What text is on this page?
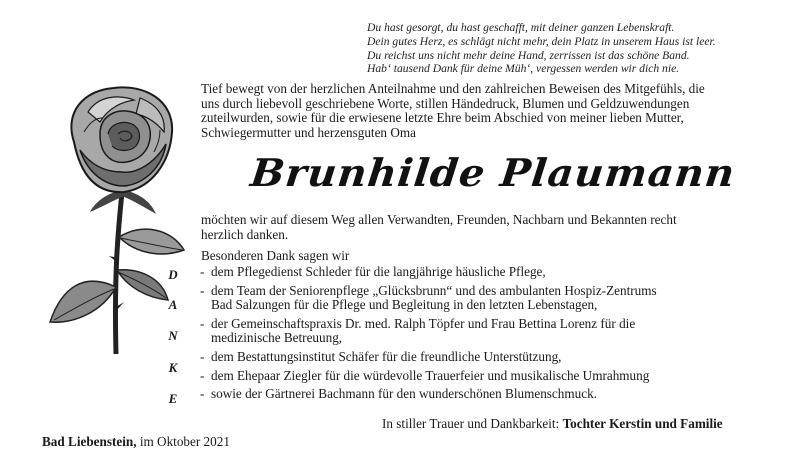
Du hast gesorgt, du hast geschafft, mit deiner ganzen Lebenskraft.
Dein gutes Herz, es schlägt nicht mehr, dein Platz in unserem Haus ist leer.
Du reichst uns nicht mehr deine Hand, zerrissen ist das schöne Band.
Hab‘ tausend Dank für deine Müh‘, vergessen werden wir dich nie.
Tief bewegt von der herzlichen Anteilnahme und den zahlreichen Beweisen des Mitgefühls, die
uns durch liebevoll geschriebene Worte, stillen Händedruck, Blumen und Geldzuwendungen
zuteilwurden, sowie für die erwiesene letzte Ehre beim Abschied von meiner lieben Mutter,
Schwiegermutter und herzensguten Oma
Brunhilde Plaumann
möchten wir auf diesem Weg allen Verwandten, Freunden, Nachbarn und Bekannten recht
herzlich danken.
Besonderen Dank sagen wir
D
A
N
K
E
- dem Pflegedienst Schleder für die langjährige häusliche Pflege,
- dem Team der Seniorenpflege „Glücksbrunn“ und des ambulanten Hospiz-Zentrums
Bad Salzungen für die Pflege und Begleitung in den letzten Lebenstagen,
- der Gemeinschaftspraxis Dr. med. Ralph Töpfer und Frau Bettina Lorenz für die
medizinische Betreuung,
- dem Bestattungsinstitut Schäfer für die freundliche Unterstützung,
- dem Ehepaar Ziegler für die würdevolle Trauerfeier und musikalische Umrahmung
- sowie der Gärtnerei Bachmann für den wunderschönen Blumenschmuck.
In stiller Trauer und Dankbarkeit: Tochter Kerstin und Familie
Bad Liebenstein, im Oktober 2021
